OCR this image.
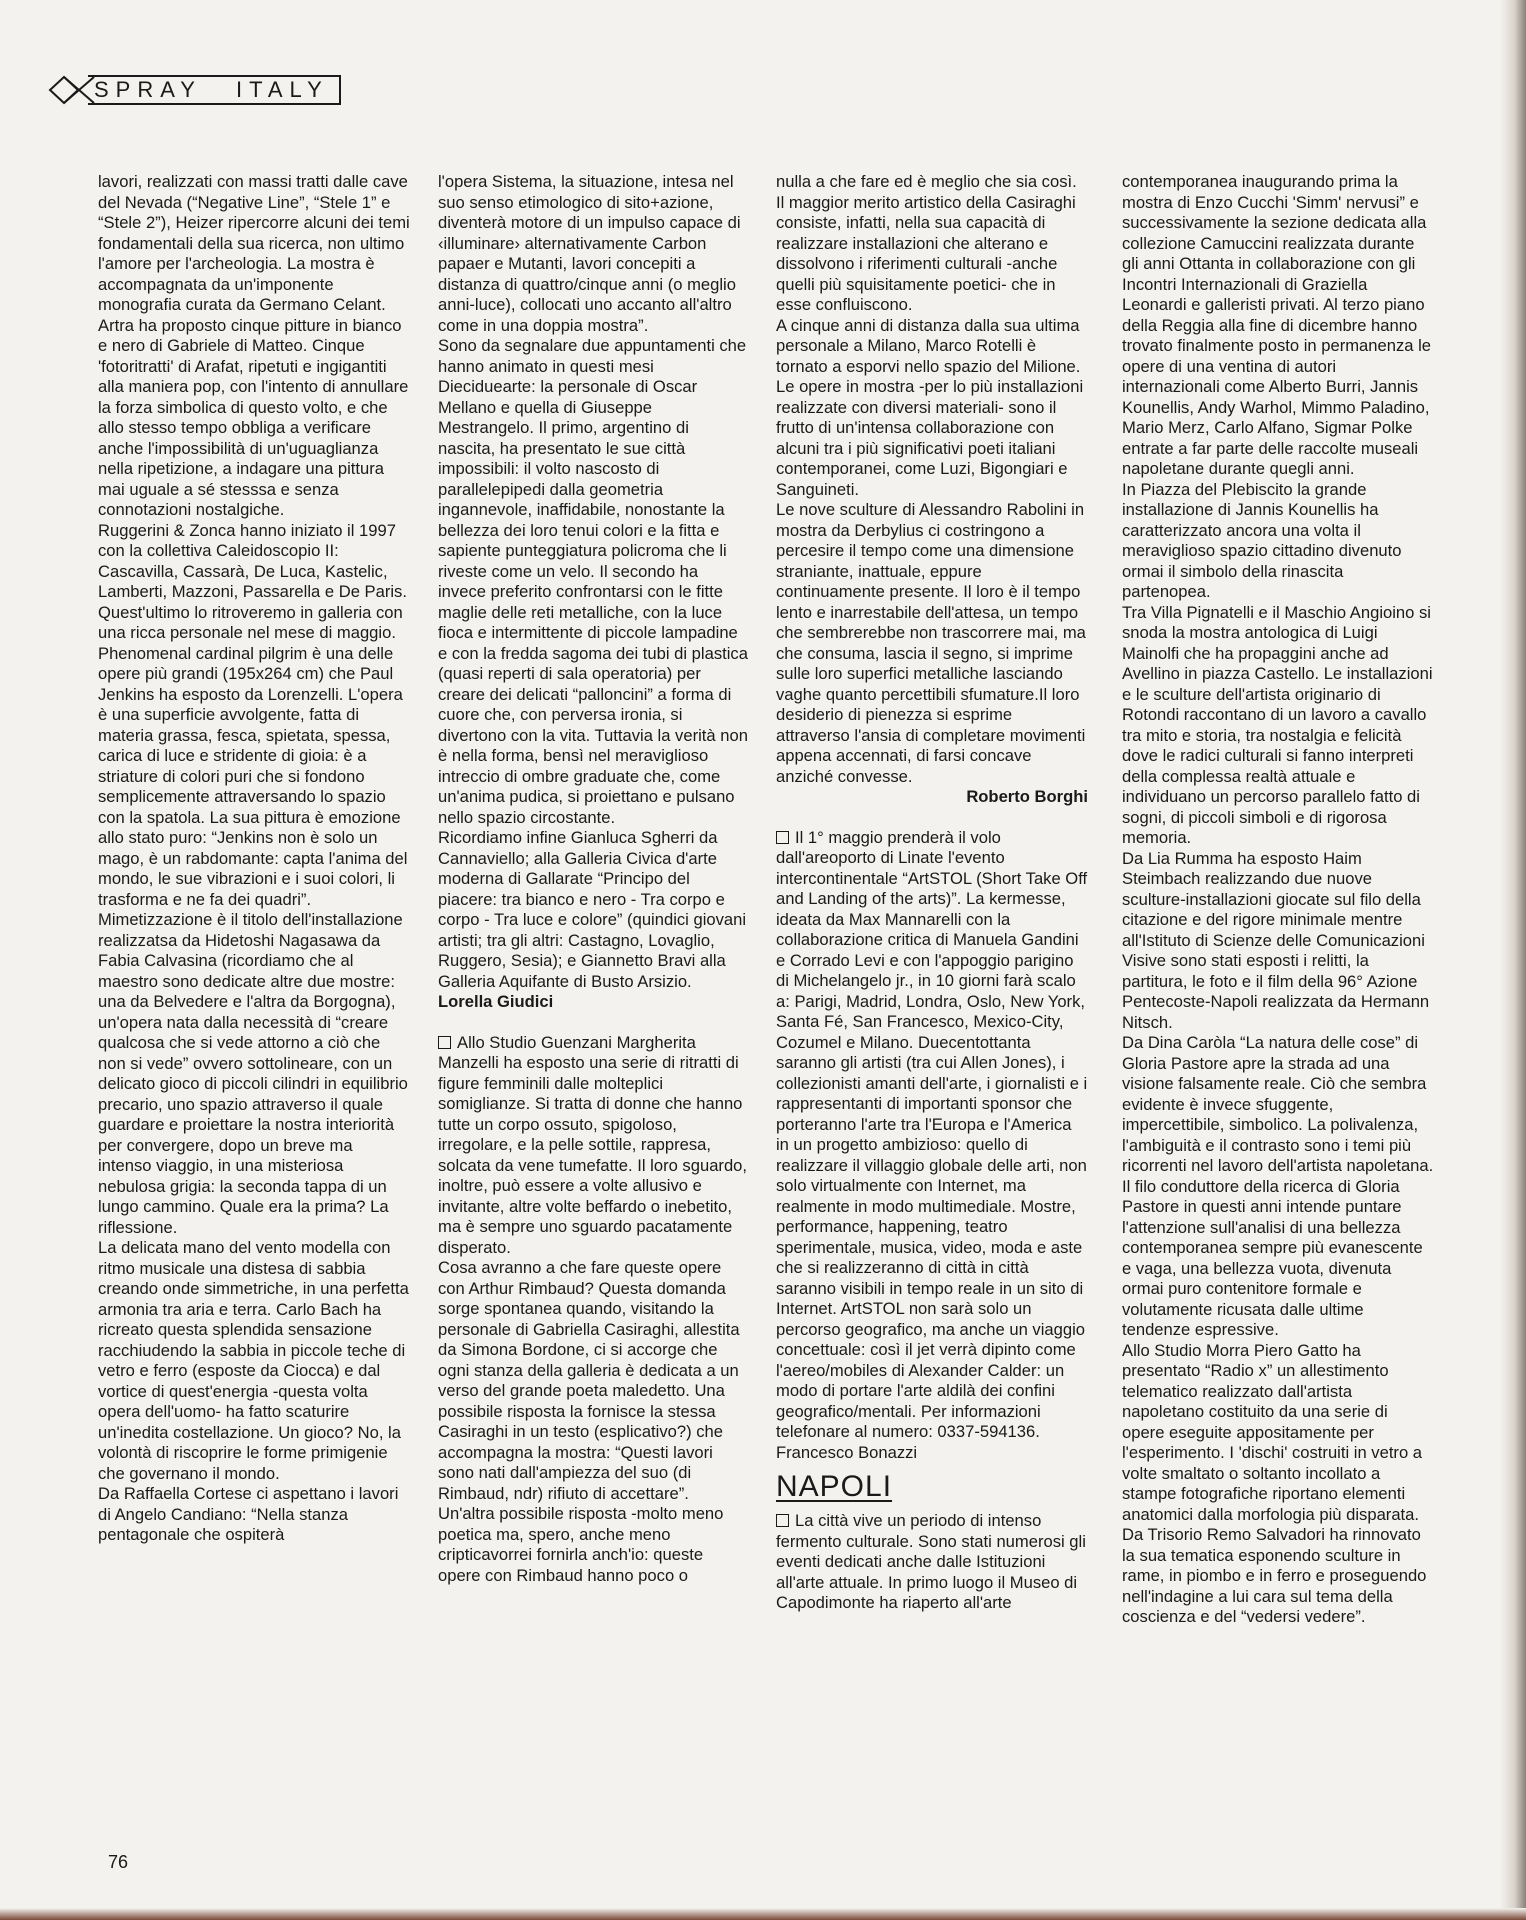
SPRAY ITALY

lavori, realizzati con massi tratti dalle cave del Nevada (“Negative Line”, “Stele 1” e “Stele 2”), Heizer ripercorre alcuni dei temi fondamentali della sua ricerca, non ultimo l'amore per l'archeologia. La mostra è accompagnata da un'imponente monografia curata da Germano Celant.

Artra ha proposto cinque pitture in bianco e nero di Gabriele di Matteo. Cinque 'fotoritratti' di Arafat, ripetuti e ingigantiti alla maniera pop, con l'intento di annullare la forza simbolica di questo volto, e che allo stesso tempo obbliga a verificare anche l'impossibilità di un'uguaglianza nella ripetizione, a indagare una pittura mai uguale a sé stesssa e senza connotazioni nostalgiche.

Ruggerini & Zonca hanno iniziato il 1997 con la collettiva Caleidoscopio II: Cascavilla, Cassarà, De Luca, Kastelic, Lamberti, Mazzoni, Passarella e De Paris. Quest'ultimo lo ritroveremo in galleria con una ricca personale nel mese di maggio.

Phenomenal cardinal pilgrim è una delle opere più grandi (195x264 cm) che Paul Jenkins ha esposto da Lorenzelli. L'opera è una superficie avvolgente, fatta di materia grassa, fesca, spietata, spessa, carica di luce e stridente di gioia: è a striature di colori puri che si fondono semplicemente attraversando lo spazio con la spatola. La sua pittura è emozione allo stato puro: “Jenkins non è solo un mago, è un rabdomante: capta l'anima del mondo, le sue vibrazioni e i suoi colori, li trasforma e ne fa dei quadri”.

Mimetizzazione è il titolo dell'installazione realizzatsa da Hidetoshi Nagasawa da Fabia Calvasina (ricordiamo che al maestro sono dedicate altre due mostre: una da Belvedere e l'altra da Borgogna), un'opera nata dalla necessità di “creare qualcosa che si vede attorno a ciò che non si vede” ovvero sottolineare, con un delicato gioco di piccoli cilindri in equilibrio precario, uno spazio attraverso il quale guardare e proiettare la nostra interiorità per convergere, dopo un breve ma intenso viaggio, in una misteriosa nebulosa grigia: la seconda tappa di un lungo cammino. Quale era la prima? La riflessione.

La delicata mano del vento modella con ritmo musicale una distesa di sabbia creando onde simmetriche, in una perfetta armonia tra aria e terra. Carlo Bach ha ricreato questa splendida sensazione racchiudendo la sabbia in piccole teche di vetro e ferro (esposte da Ciocca) e dal vortice di quest'energia -questa volta opera dell'uomo- ha fatto scaturire un'inedita costellazione. Un gioco? No, la volontà di riscoprire le forme primigenie che governano il mondo.

Da Raffaella Cortese ci aspettano i lavori di Angelo Candiano: “Nella stanza pentagonale che ospiterà

l'opera Sistema, la situazione, intesa nel suo senso etimologico di sito+azione, diventerà motore di un impulso capace di ‹illuminare› alternativamente Carbon papaer e Mutanti, lavori concepiti a distanza di quattro/cinque anni (o meglio anni-luce), collocati uno accanto all'altro come in una doppia mostra”.

Sono da segnalare due appuntamenti che hanno animato in questi mesi Dieciduearte: la personale di Oscar Mellano e quella di Giuseppe Mestrangelo. Il primo, argentino di nascita, ha presentato le sue città impossibili: il volto nascosto di parallelepipedi dalla geometria ingannevole, inaffidabile, nonostante la bellezza dei loro tenui colori e la fitta e sapiente punteggiatura policroma che li riveste come un velo. Il secondo ha invece preferito confrontarsi con le fitte maglie delle reti metalliche, con la luce fioca e intermittente di piccole lampadine e con la fredda sagoma dei tubi di plastica (quasi reperti di sala operatoria) per creare dei delicati “palloncini” a forma di cuore che, con perversa ironia, si divertono con la vita. Tuttavia la verità non è nella forma, bensì nel meraviglioso intreccio di ombre graduate che, come un'anima pudica, si proiettano e pulsano nello spazio circostante.

Ricordiamo infine Gianluca Sgherri da Cannaviello; alla Galleria Civica d'arte moderna di Gallarate “Principo del piacere: tra bianco e nero - Tra corpo e corpo - Tra luce e colore” (quindici giovani artisti; tra gli altri: Castagno, Lovaglio, Ruggero, Sesia); e Giannetto Bravi alla Galleria Aquifante di Busto Arsizio.

Lorella Giudici

Allo Studio Guenzani Margherita Manzelli ha esposto una serie di ritratti di figure femminili dalle molteplici somiglianze. Si tratta di donne che hanno tutte un corpo ossuto, spigoloso, irregolare, e la pelle sottile, rappresa, solcata da vene tumefatte. Il loro sguardo, inoltre, può essere a volte allusivo e invitante, altre volte beffardo o inebetito, ma è sempre uno sguardo pacatamente disperato.

Cosa avranno a che fare queste opere con Arthur Rimbaud? Questa domanda sorge spontanea quando, visitando la personale di Gabriella Casiraghi, allestita da Simona Bordone, ci si accorge che ogni stanza della galleria è dedicata a un verso del grande poeta maledetto. Una possibile risposta la fornisce la stessa Casiraghi in un testo (esplicativo?) che accompagna la mostra: “Questi lavori sono nati dall'ampiezza del suo (di Rimbaud, ndr) rifiuto di accettare”. Un'altra possibile risposta -molto meno poetica ma, spero, anche meno cripticavorrei fornirla anch'io: queste opere con Rimbaud hanno poco o

nulla a che fare ed è meglio che sia così. Il maggior merito artistico della Casiraghi consiste, infatti, nella sua capacità di realizzare installazioni che alterano e dissolvono i riferimenti culturali -anche quelli più squisitamente poetici- che in esse confluiscono.

A cinque anni di distanza dalla sua ultima personale a Milano, Marco Rotelli è tornato a esporvi nello spazio del Milione. Le opere in mostra -per lo più installazioni realizzate con diversi materiali- sono il frutto di un'intensa collaborazione con alcuni tra i più significativi poeti italiani contemporanei, come Luzi, Bigongiari e Sanguineti.

Le nove sculture di Alessandro Rabolini in mostra da Derbylius ci costringono a percesire il tempo come una dimensione straniante, inattuale, eppure continuamente presente. Il loro è il tempo lento e inarrestabile dell'attesa, un tempo che sembrerebbe non trascorrere mai, ma che consuma, lascia il segno, si imprime sulle loro superfici metalliche lasciando vaghe quanto percettibili sfumature.Il loro desiderio di pienezza si esprime attraverso l'ansia di completare movimenti appena accennati, di farsi concave anziché convesse.

Roberto Borghi

Il 1° maggio prenderà il volo dall'areoporto di Linate l'evento intercontinentale “ArtSTOL (Short Take Off and Landing of the arts)”. La kermesse, ideata da Max Mannarelli con la collaborazione critica di Manuela Gandini e Corrado Levi e con l'appoggio parigino di Michelangelo jr., in 10 giorni farà scalo a: Parigi, Madrid, Londra, Oslo, New York, Santa Fé, San Francesco, Mexico-City, Cozumel e Milano. Duecentottanta saranno gli artisti (tra cui Allen Jones), i collezionisti amanti dell'arte, i giornalisti e i rappresentanti di importanti sponsor che porteranno l'arte tra l'Europa e l'America in un progetto ambizioso: quello di realizzare il villaggio globale delle arti, non solo virtualmente con Internet, ma realmente in modo multimediale. Mostre, performance, happening, teatro sperimentale, musica, video, moda e aste che si realizzeranno di città in città saranno visibili in tempo reale in un sito di Internet. ArtSTOL non sarà solo un percorso geografico, ma anche un viaggio concettuale: così il jet verrà dipinto come l'aereo/mobiles di Alexander Calder: un modo di portare l'arte aldilà dei confini geografico/mentali. Per informazioni telefonare al numero: 0337-594136. Francesco Bonazzi

NAPOLI

La città vive un periodo di intenso fermento culturale. Sono stati numerosi gli eventi dedicati anche dalle Istituzioni all'arte attuale. In primo luogo il Museo di Capodimonte ha riaperto all'arte

contemporanea inaugurando prima la mostra di Enzo Cucchi 'Simm' nervusi” e successivamente la sezione dedicata alla collezione Camuccini realizzata durante gli anni Ottanta in collaborazione con gli Incontri Internazionali di Graziella Leonardi e galleristi privati. Al terzo piano della Reggia alla fine di dicembre hanno trovato finalmente posto in permanenza le opere di una ventina di autori internazionali come Alberto Burri, Jannis Kounellis, Andy Warhol, Mimmo Paladino, Mario Merz, Carlo Alfano, Sigmar Polke entrate a far parte delle raccolte museali napoletane durante quegli anni.

In Piazza del Plebiscito la grande installazione di Jannis Kounellis ha caratterizzato ancora una volta il meraviglioso spazio cittadino divenuto ormai il simbolo della rinascita partenopea.

Tra Villa Pignatelli e il Maschio Angioino si snoda la mostra antologica di Luigi Mainolfi che ha propaggini anche ad Avellino in piazza Castello. Le installazioni e le sculture dell'artista originario di Rotondi raccontano di un lavoro a cavallo tra mito e storia, tra nostalgia e felicità dove le radici culturali si fanno interpreti della complessa realtà attuale e individuano un percorso parallelo fatto di sogni, di piccoli simboli e di rigorosa memoria.

Da Lia Rumma ha esposto Haim Steimbach realizzando due nuove sculture-installazioni giocate sul filo della citazione e del rigore minimale mentre all'Istituto di Scienze delle Comunicazioni Visive sono stati esposti i relitti, la partitura, le foto e il film della 96° Azione Pentecoste-Napoli realizzata da Hermann Nitsch.

Da Dina Caròla “La natura delle cose” di Gloria Pastore apre la strada ad una visione falsamente reale. Ciò che sembra evidente è invece sfuggente, impercettibile, simbolico. La polivalenza, l'ambiguità e il contrasto sono i temi più ricorrenti nel lavoro dell'artista napoletana. Il filo conduttore della ricerca di Gloria Pastore in questi anni intende puntare l'attenzione sull'analisi di una bellezza contemporanea sempre più evanescente e vaga, una bellezza vuota, divenuta ormai puro contenitore formale e volutamente ricusata dalle ultime tendenze espressive.

Allo Studio Morra Piero Gatto ha presentato “Radio x” un allestimento telematico realizzato dall'artista napoletano costituito da una serie di opere eseguite appositamente per l'esperimento. I 'dischi' costruiti in vetro a volte smaltato o soltanto incollato a stampe fotografiche riportano elementi anatomici dalla morfologia più disparata.

Da Trisorio Remo Salvadori ha rinnovato la sua tematica esponendo sculture in rame, in piombo e in ferro e proseguendo nell'indagine a lui cara sul tema della coscienza e del “vedersi vedere”.

76
